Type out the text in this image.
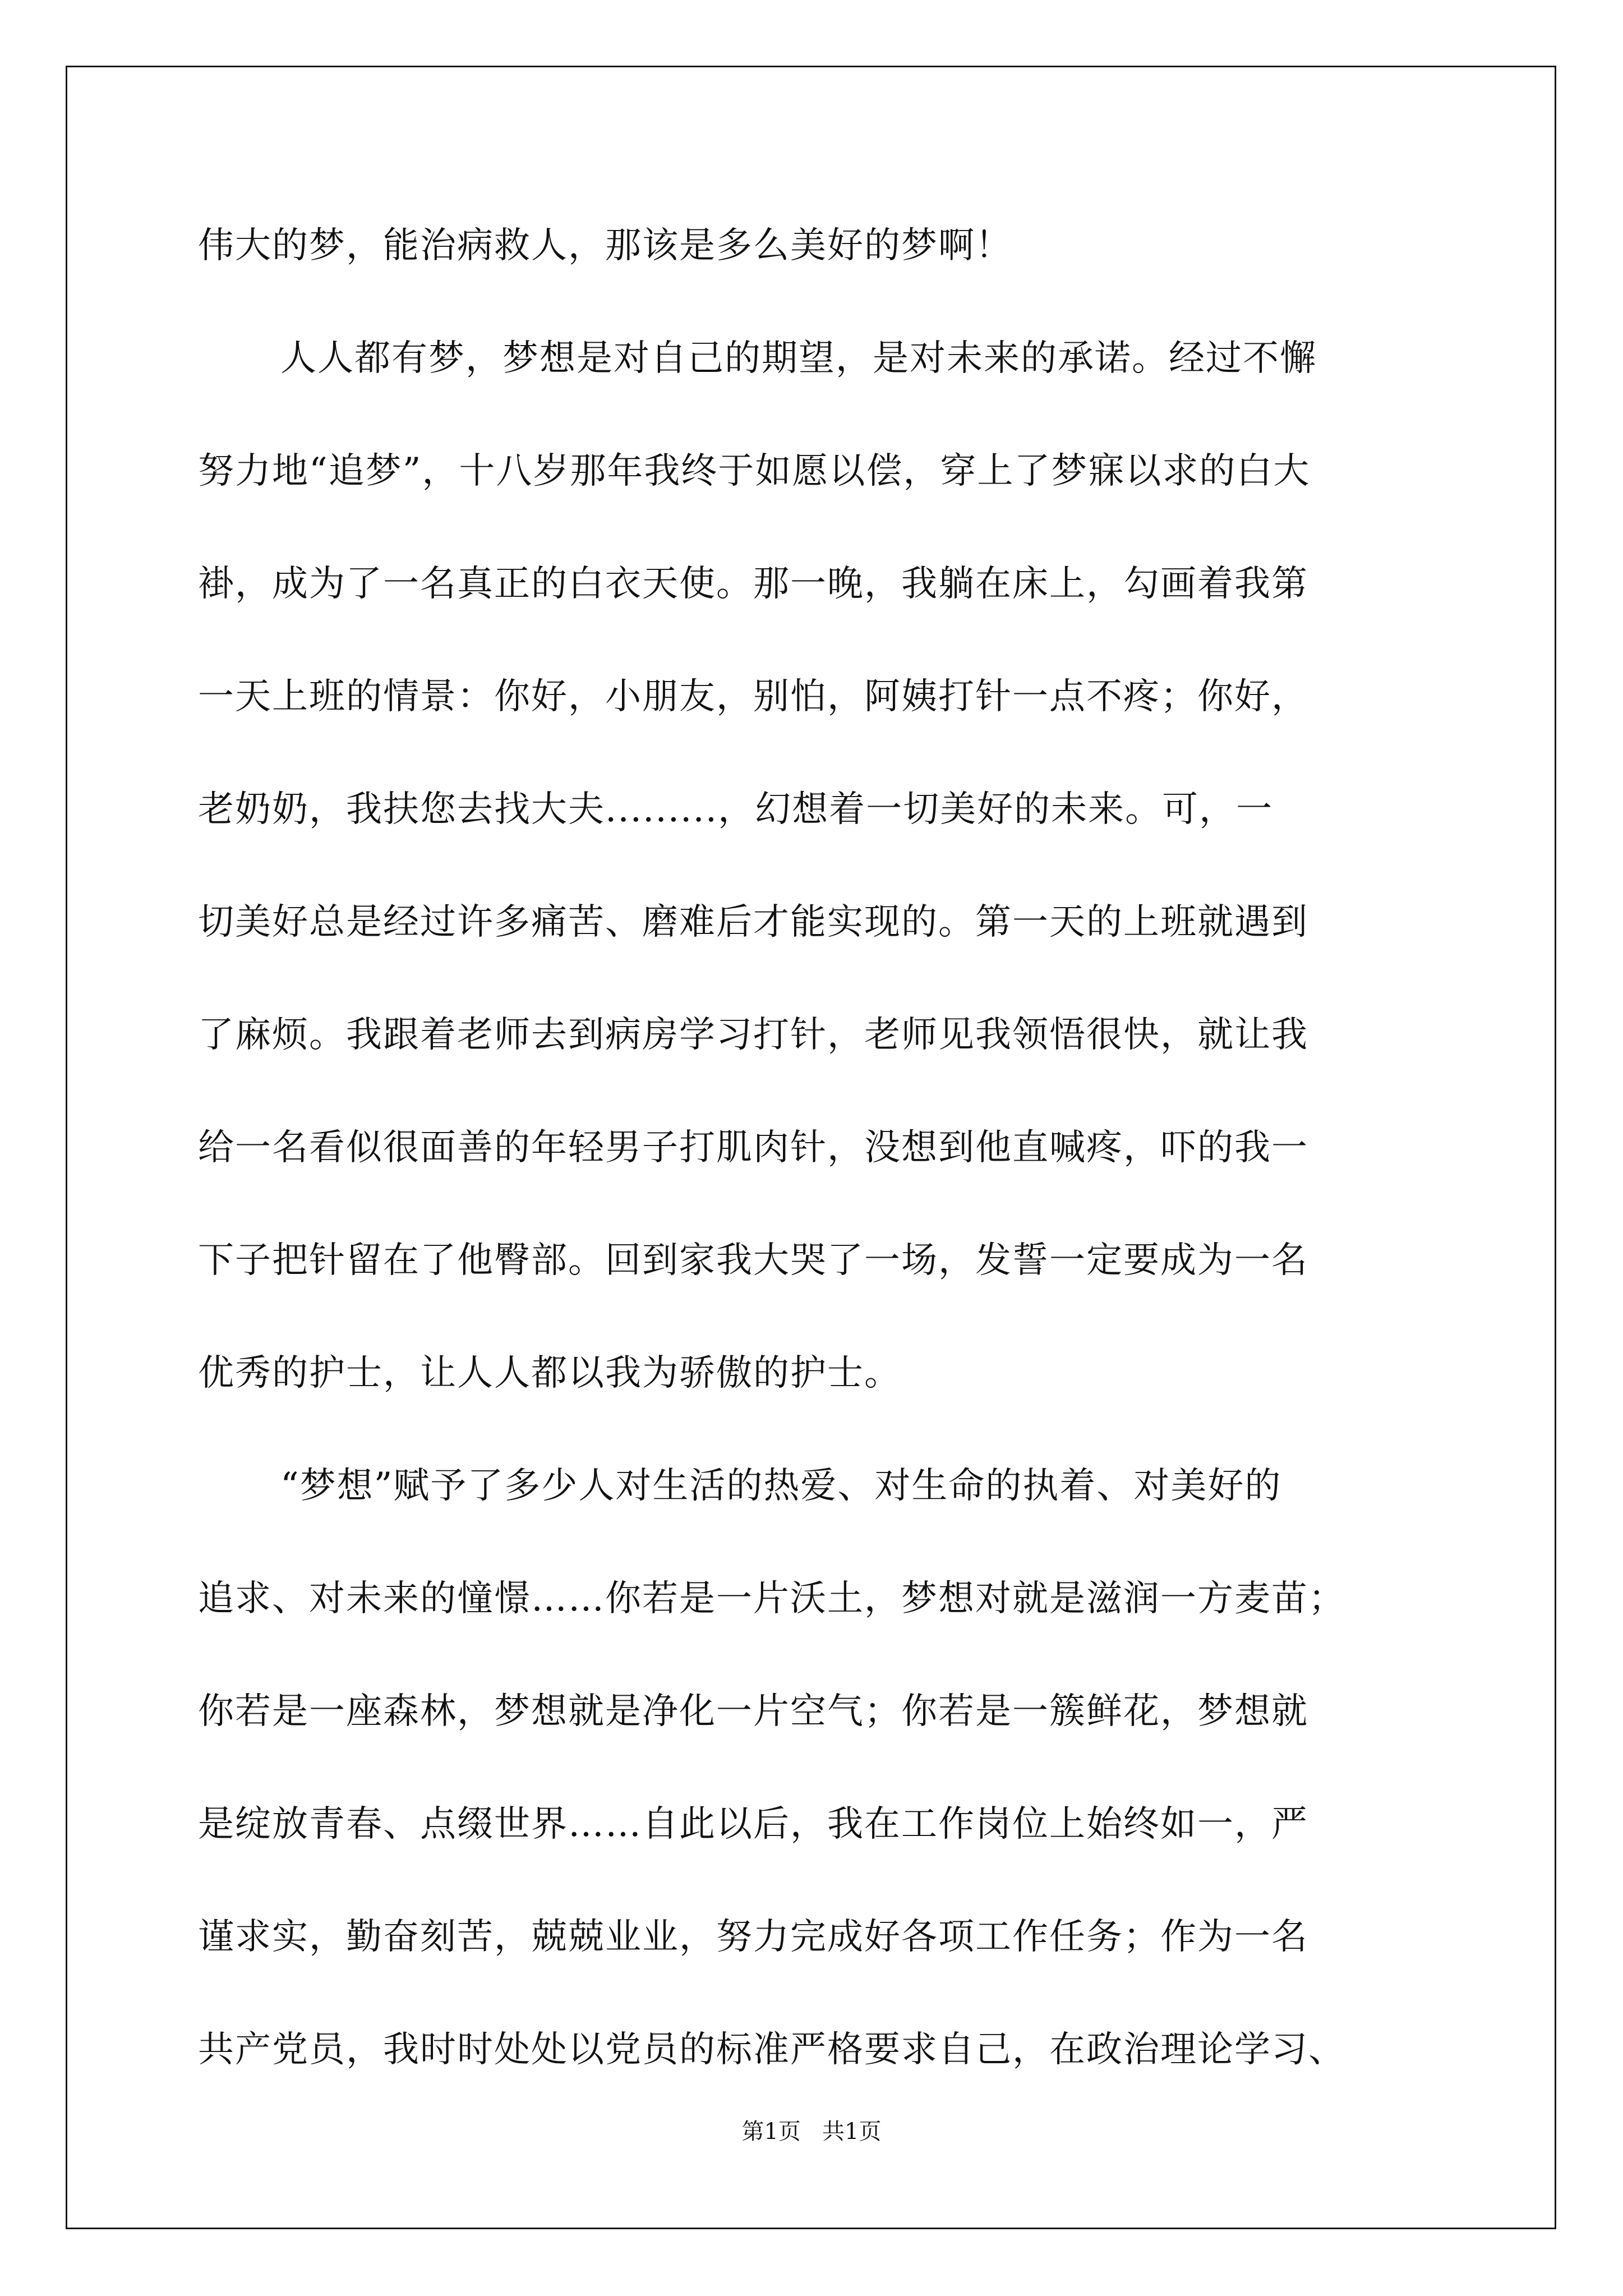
伟大的梦，能治病救人，那该是多么美好的梦啊！

人人都有梦，梦想是对自己的期望，是对未来的承诺。经过不懈

努力地“追梦”，十八岁那年我终于如愿以偿，穿上了梦寐以求的白大

褂，成为了一名真正的白衣天使。那一晚，我躺在床上，勾画着我第

一天上班的情景：你好，小朋友，别怕，阿姨打针一点不疼；你好，

老奶奶，我扶您去找大夫.........，幻想着一切美好的未来。可，一

切美好总是经过许多痛苦、磨难后才能实现的。第一天的上班就遇到

了麻烦。我跟着老师去到病房学习打针，老师见我领悟很快，就让我

给一名看似很面善的年轻男子打肌肉针，没想到他直喊疼，吓的我一

下子把针留在了他臀部。回到家我大哭了一场，发誓一定要成为一名

优秀的护士，让人人都以我为骄傲的护士。

“梦想”赋予了多少人对生活的热爱、对生命的执着、对美好的

追求、对未来的憧憬……你若是一片沃土，梦想对就是滋润一方麦苗；

你若是一座森林，梦想就是净化一片空气；你若是一簇鲜花，梦想就

是绽放青春、点缀世界……自此以后，我在工作岗位上始终如一，严

谨求实，勤奋刻苦，兢兢业业，努力完成好各项工作任务；作为一名

共产党员，我时时处处以党员的标准严格要求自己，在政治理论学习、

第1页   共1页
